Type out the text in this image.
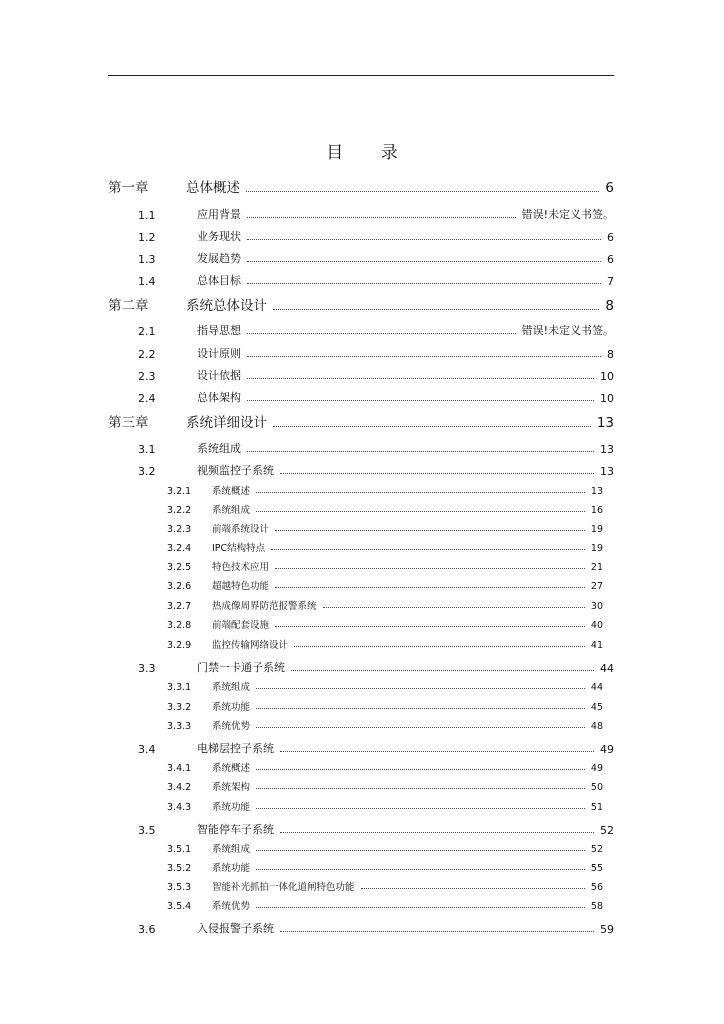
目 录
第一章	总体概述	6
1.1	应用背景	错误!未定义书签。
1.2	业务现状	6
1.3	发展趋势	6
1.4	总体目标	7
第二章	系统总体设计	8
2.1	指导思想	错误!未定义书签。
2.2	设计原则	8
2.3	设计依据	10
2.4	总体架构	10
第三章	系统详细设计	13
3.1	系统组成	13
3.2	视频监控子系统	13
3.2.1	系统概述	13
3.2.2	系统组成	16
3.2.3	前端系统设计	19
3.2.4	IPC结构特点	19
3.2.5	特色技术应用	21
3.2.6	超越特色功能	27
3.2.7	热成像周界防范报警系统	30
3.2.8	前端配套设施	40
3.2.9	监控传输网络设计	41
3.3	门禁一卡通子系统	44
3.3.1	系统组成	44
3.3.2	系统功能	45
3.3.3	系统优势	48
3.4	电梯层控子系统	49
3.4.1	系统概述	49
3.4.2	系统架构	50
3.4.3	系统功能	51
3.5	智能停车子系统	52
3.5.1	系统组成	52
3.5.2	系统功能	55
3.5.3	智能补光抓拍一体化道闸特色功能	56
3.5.4	系统优势	58
3.6	入侵报警子系统	59
